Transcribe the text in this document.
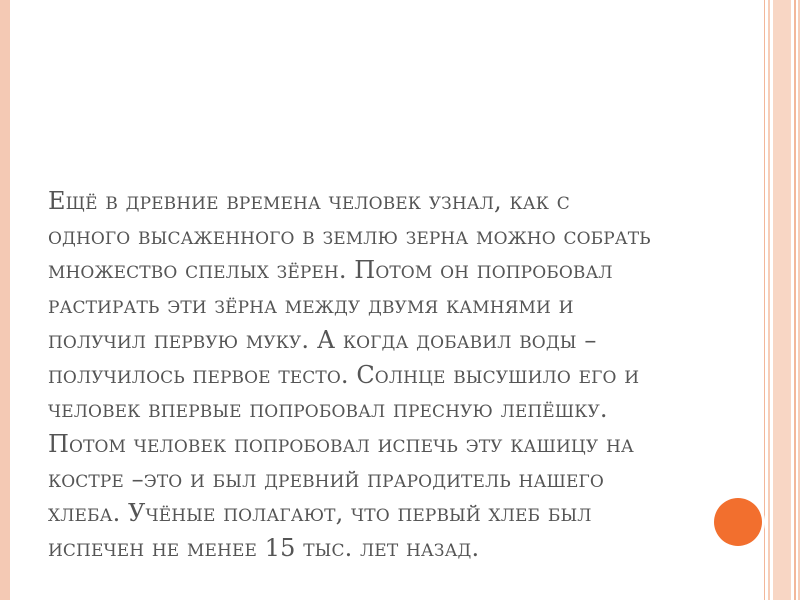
Ещё в древние времена человек узнал, как с
одного высаженного в землю зерна можно собрать
множество спелых зёрен. Потом он попробовал
растирать эти зёрна между двумя камнями и
получил первую муку. А когда добавил воды –
получилось первое тесто. Солнце высушило его и
человек впервые попробовал пресную лепёшку.
Потом человек попробовал испечь эту кашицу на
костре –это и был древний прародитель нашего
хлеба. Учёные полагают, что первый хлеб был
испечен не менее 15 тыс. лет назад.
